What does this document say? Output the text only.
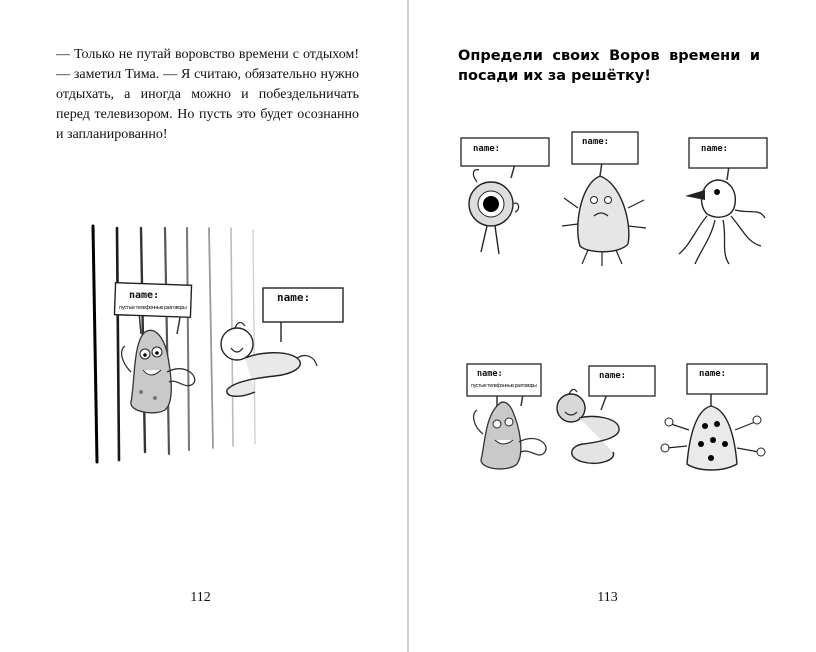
— Только не путай воровство времени с отдыхом! — заметил Тима. — Я считаю, обязательно нужно отдыхать, а иногда можно и побездельничать перед телевизором. Но пусть это будет осознанно и запланированно!

name:
пустые телефонные разговоры
name:
112

Определи своих Воров времени и посади их за решётку!

name:
name:
name:
name:
пустые телефонные разговоры
name:	name:
113
